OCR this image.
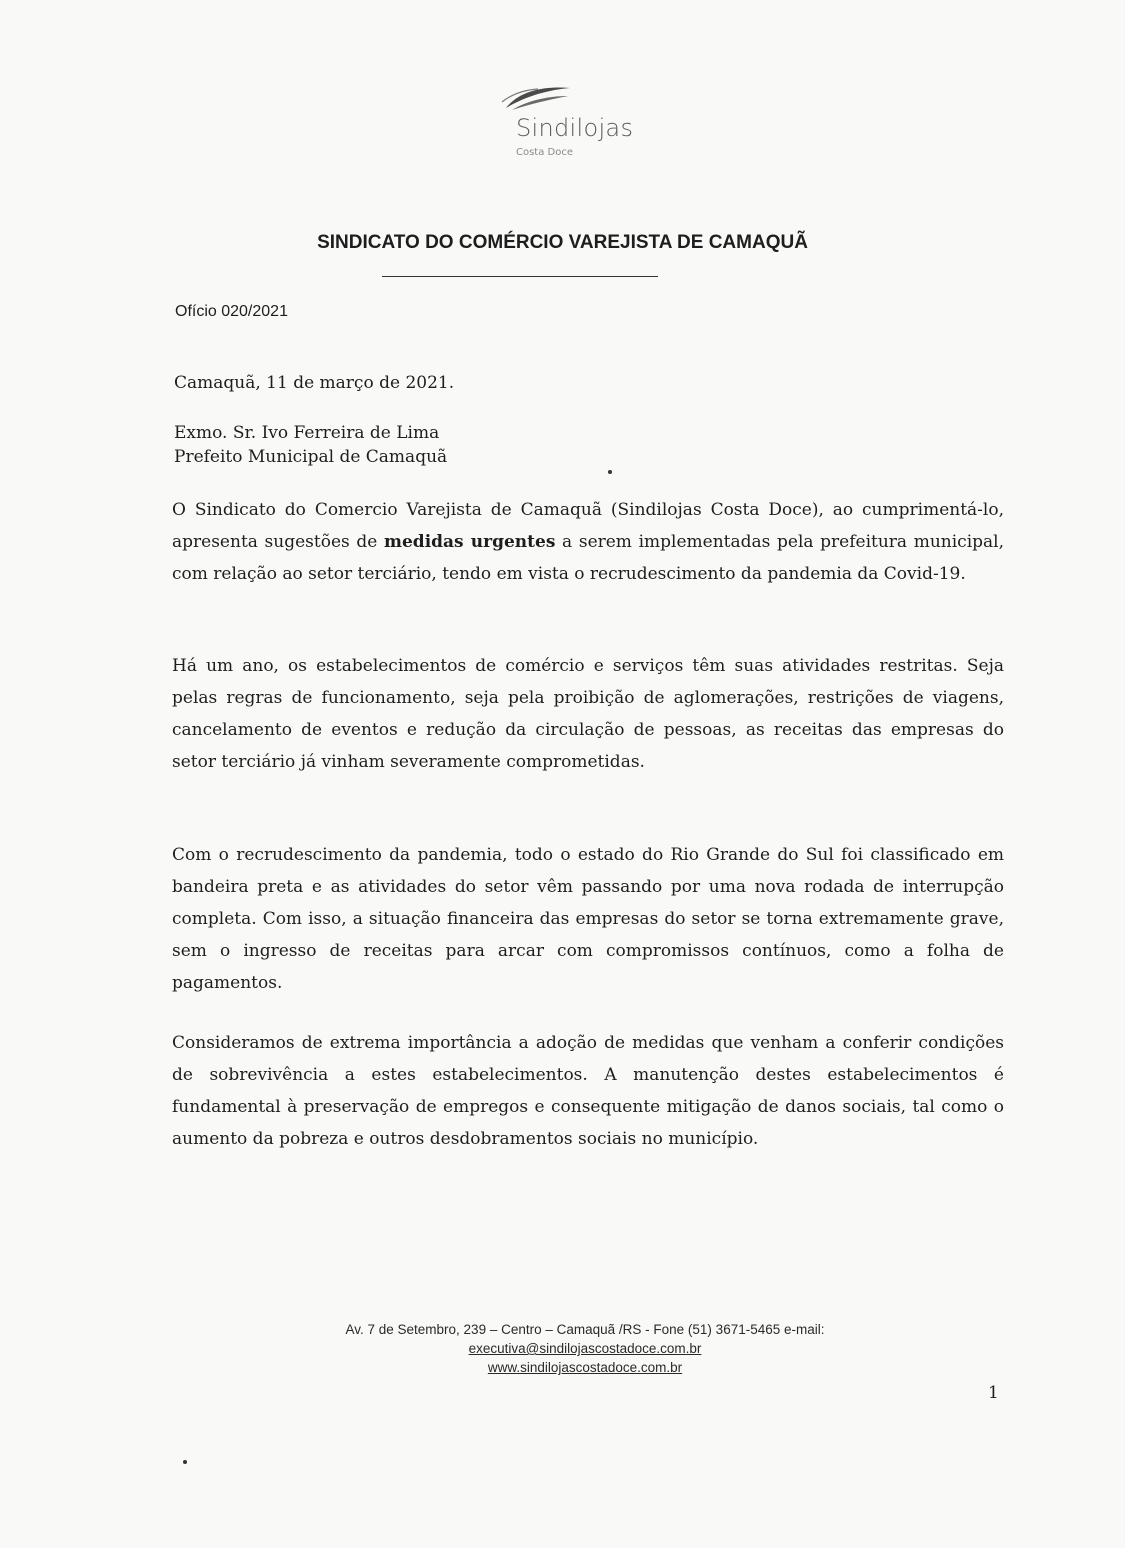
Sindilojas
Costa Doce
SINDICATO DO COMÉRCIO VAREJISTA DE CAMAQUÃ
Ofício 020/2021
Camaquã, 11 de março de 2021.
Exmo. Sr. Ivo Ferreira de Lima
Prefeito Municipal de Camaquã

O Sindicato do Comercio Varejista de Camaquã (Sindilojas Costa Doce), ao cumprimentá-lo, apresenta sugestões de medidas urgentes a serem implementadas pela prefeitura municipal, com relação ao setor terciário, tendo em vista o recrudescimento da pandemia da Covid-19.

Há um ano, os estabelecimentos de comércio e serviços têm suas atividades restritas. Seja pelas regras de funcionamento, seja pela proibição de aglomerações, restrições de viagens, cancelamento de eventos e redução da circulação de pessoas, as receitas das empresas do setor terciário já vinham severamente comprometidas.

Com o recrudescimento da pandemia, todo o estado do Rio Grande do Sul foi classificado em bandeira preta e as atividades do setor vêm passando por uma nova rodada de interrupção completa. Com isso, a situação financeira das empresas do setor se torna extremamente grave, sem o ingresso de receitas para arcar com compromissos contínuos, como a folha de pagamentos.

Consideramos de extrema importância a adoção de medidas que venham a conferir condições de sobrevivência a estes estabelecimentos. A manutenção destes estabelecimentos é fundamental à preservação de empregos e consequente mitigação de danos sociais, tal como o aumento da pobreza e outros desdobramentos sociais no município.

Av. 7 de Setembro, 239 – Centro – Camaquã /RS - Fone (51) 3671-5465 e-mail:
executiva@sindilojascostadoce.com.br
www.sindilojascostadoce.com.br
1
